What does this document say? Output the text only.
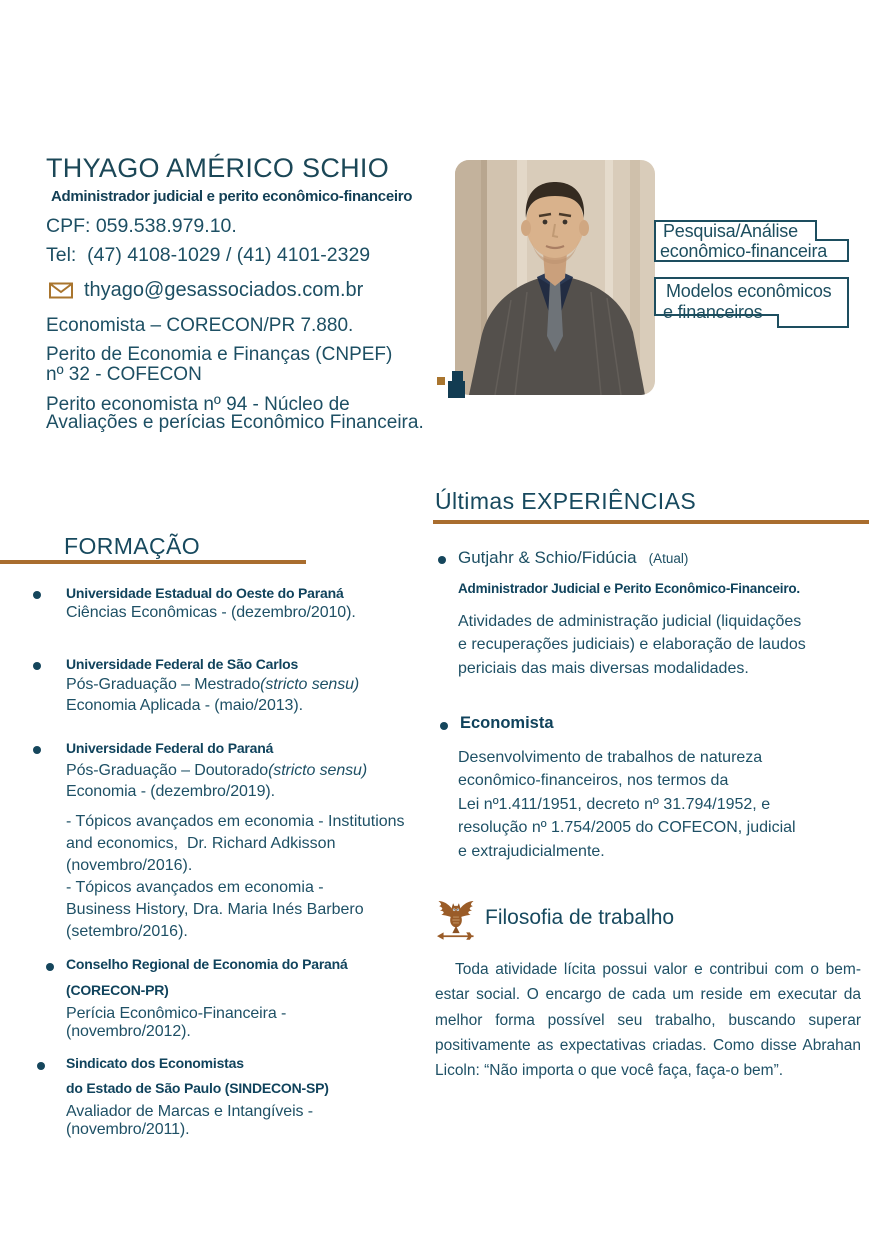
THYAGO AMÉRICO SCHIO
Administrador judicial e perito econômico-financeiro
CPF: 059.538.979.10.
Tel:  (47) 4108-1029 / (41) 4101-2329
thyago@gesassociados.com.br
Economista – CORECON/PR 7.880.
Perito de Economia e Finanças (CNPEF)
nº 32 - COFECON
Perito economista nº 94 - Núcleo de
Avaliações e perícias Econômico Financeira.
Pesquisa/Análise
econômico-financeira
Modelos econômicos
e financeiros
Últimas EXPERIÊNCIAS
Gutjahr & Schio/Fidúcia (Atual)
Administrador Judicial e Perito Econômico-Financeiro.
Atividades de administração judicial (liquidações
e recuperações judiciais) e elaboração de laudos
periciais das mais diversas modalidades.
Economista
Desenvolvimento de trabalhos de natureza
econômico-financeiros, nos termos da
Lei nº1.411/1951, decreto nº 31.794/1952, e
resolução nº 1.754/2005 do COFECON, judicial
e extrajudicialmente.
Filosofia de trabalho
Toda atividade lícita possui valor e contribui com o bem-estar social. O encargo de cada um reside em executar da melhor forma possível seu trabalho, buscando superar positivamente as expectativas criadas. Como disse Abrahan Licoln: “Não importa o que você faça, faça-o bem”.
FORMAÇÃO
Universidade Estadual do Oeste do Paraná
Ciências Econômicas - (dezembro/2010).
Universidade Federal de São Carlos
Pós-Graduação – Mestrado(stricto sensu)
Economia Aplicada - (maio/2013).
Universidade Federal do Paraná
Pós-Graduação – Doutorado(stricto sensu)
Economia - (dezembro/2019).
- Tópicos avançados em economia - Institutions
and economics,  Dr. Richard Adkisson
(novembro/2016).
- Tópicos avançados em economia -
Business History, Dra. Maria Inés Barbero
(setembro/2016).
Conselho Regional de Economia do Paraná
(CORECON-PR)
Perícia Econômico-Financeira -
(novembro/2012).
Sindicato dos Economistas
do Estado de São Paulo (SINDECON-SP)
Avaliador de Marcas e Intangíveis -
(novembro/2011).
